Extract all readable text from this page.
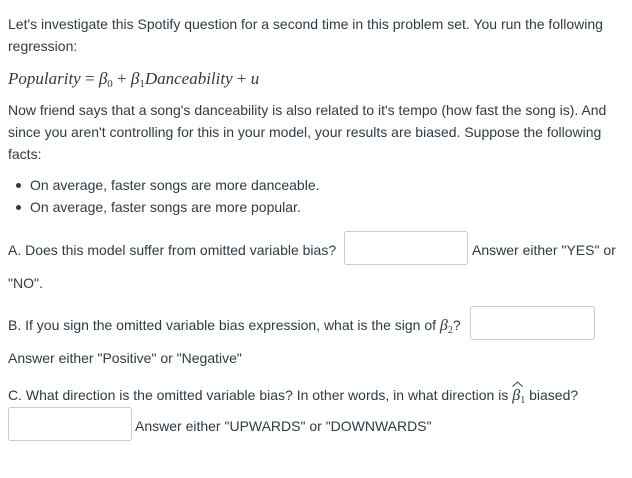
Let's investigate this Spotify question for a second time in this problem set. You run the following
regression:
Popularity = $\beta_0$ + $\beta_1Danceability + u$
Now friend says that a song's danceability is also related to it's tempo (how fast the song is). And
since you aren't controlling for this in your model, your results are biased. Suppose the following
facts:
On average, faster songs are more danceable.
On average, faster songs are more popular.
A. Does this model suffer from omitted variable bias?	Answer either "YES" or
"NO".
B. If you sign the omitted variable bias expression, what is the sign of $\beta_2$?
Answer either "Positive" or "Negative"
C. What direction is the omitted variable bias? In other words, in what direction is $\beta_1$ biased?
Answer either "UPWARDS" or "DOWNWARDS"
